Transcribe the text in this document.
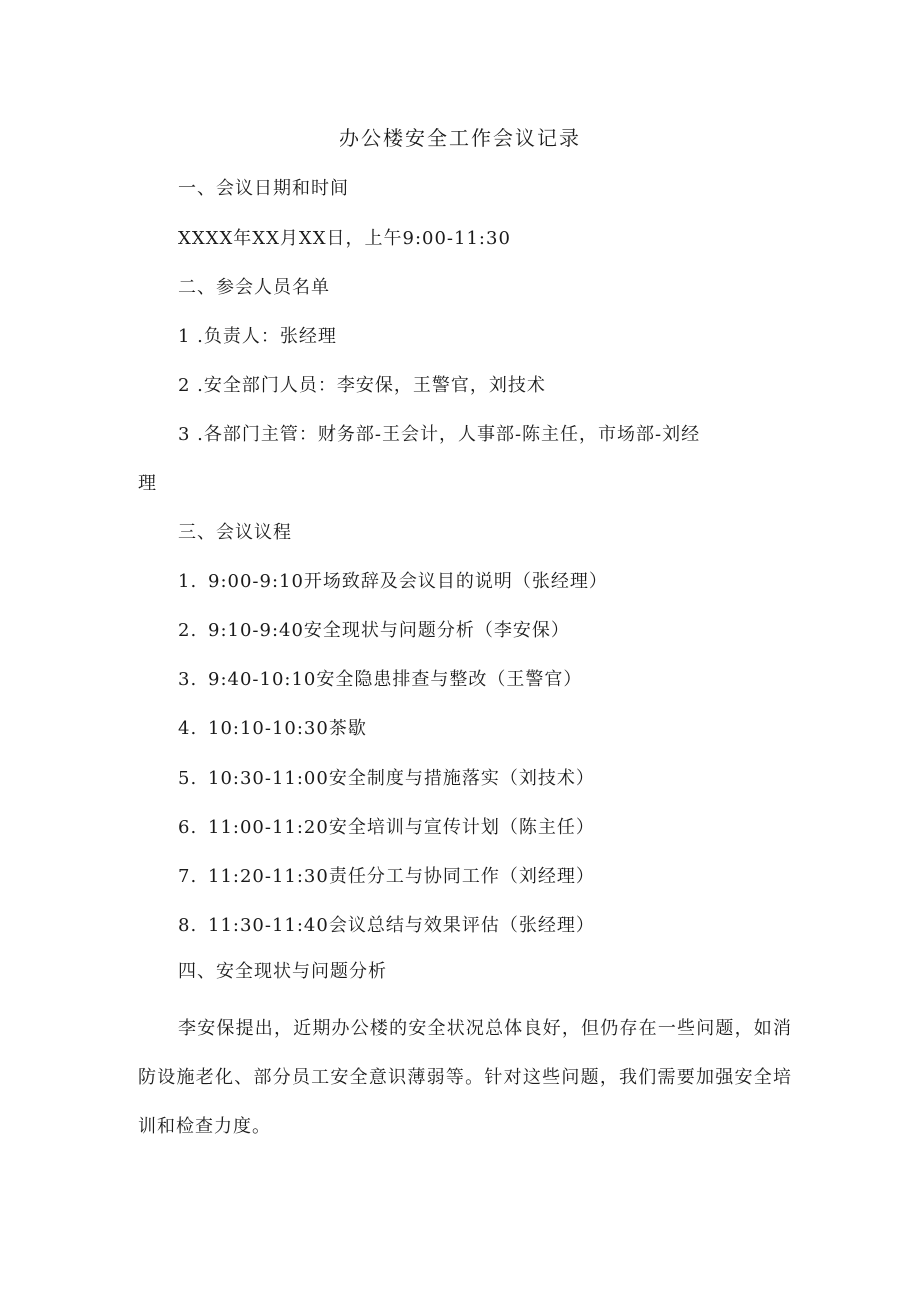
办公楼安全工作会议记录

一、会议日期和时间

XXXX年XX月XX日，上午9:00-11:30

二、参会人员名单

1 .负责人：张经理

2 .安全部门人员：李安保，王警官，刘技术

3 .各部门主管：财务部-王会计，人事部-陈主任，市场部-刘经

理

三、会议议程

1. 9:00-9:10开场致辞及会议目的说明（张经理）
2. 9:10-9:40安全现状与问题分析（李安保）
3. 9:40-10:10安全隐患排查与整改（王警官）
4. 10:10-10:30茶歇
5. 10:30-11:00安全制度与措施落实（刘技术）
6. 11:00-11:20安全培训与宣传计划（陈主任）
7. 11:20-11:30责任分工与协同工作（刘经理）
8. 11:30-11:40会议总结与效果评估（张经理）

四、安全现状与问题分析

李安保提出，近期办公楼的安全状况总体良好，但仍存在一些问题，如消防设施老化、部分员工安全意识薄弱等。针对这些问题，我们需要加强安全培训和检查力度。
